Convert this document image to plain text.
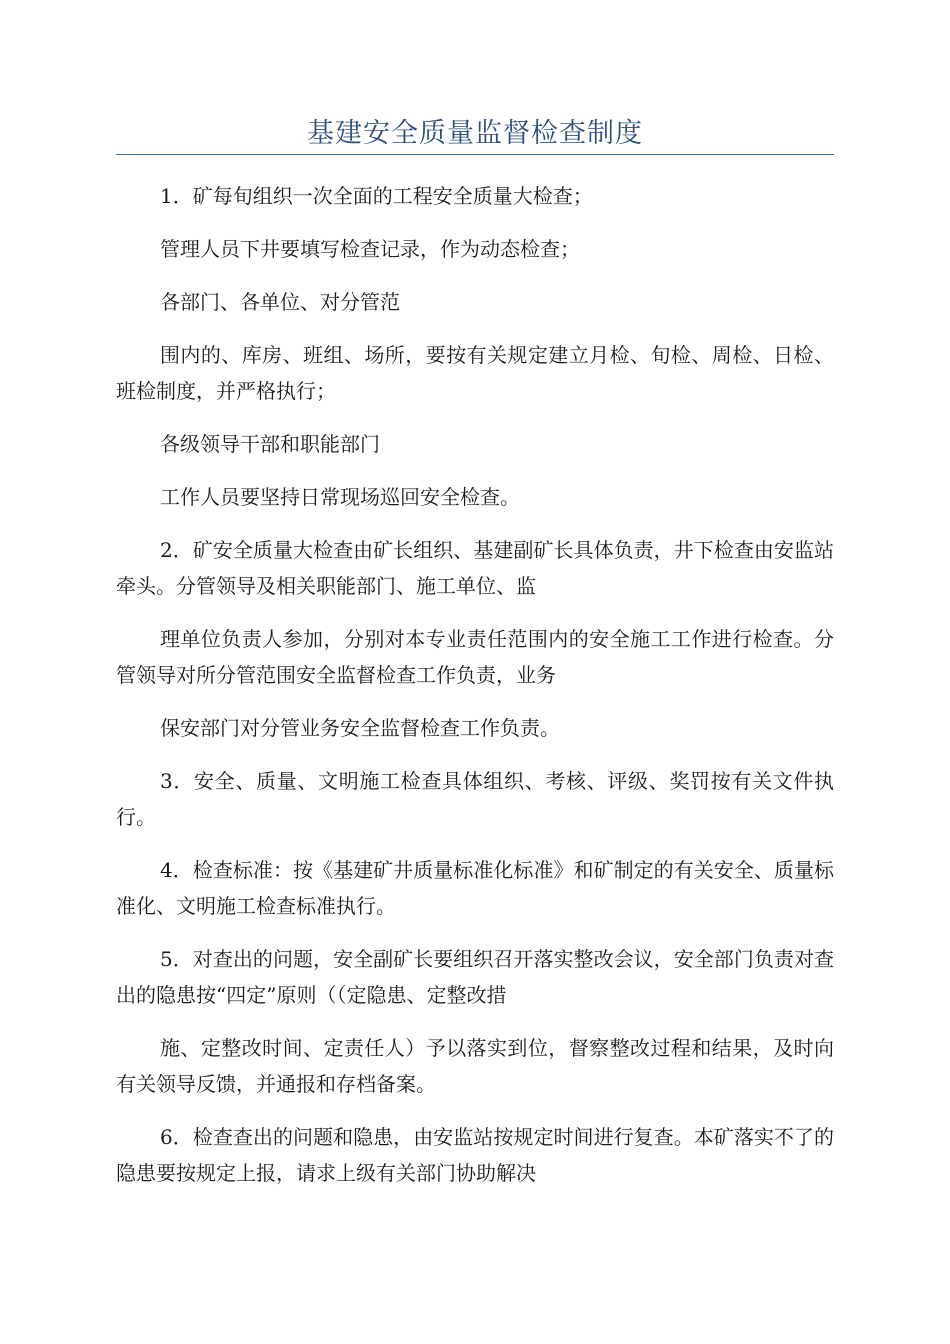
基建安全质量监督检查制度

1．矿每旬组织一次全面的工程安全质量大检查；

管理人员下井要填写检查记录，作为动态检查；

各部门、各单位、对分管范

围内的、库房、班组、场所，要按有关规定建立月检、旬检、周检、日检、班检制度，并严格执行；

各级领导干部和职能部门

工作人员要坚持日常现场巡回安全检查。

2．矿安全质量大检查由矿长组织、基建副矿长具体负责，井下检查由安监站牵头。分管领导及相关职能部门、施工单位、监

理单位负责人参加，分别对本专业责任范围内的安全施工工作进行检查。分管领导对所分管范围安全监督检查工作负责，业务

保安部门对分管业务安全监督检查工作负责。

3．安全、质量、文明施工检查具体组织、考核、评级、奖罚按有关文件执行。

4．检查标准：按《基建矿井质量标准化标准》和矿制定的有关安全、质量标准化、文明施工检查标准执行。

5．对查出的问题，安全副矿长要组织召开落实整改会议，安全部门负责对查出的隐患按“四定”原则（（定隐患、定整改措

施、定整改时间、定责任人）予以落实到位，督察整改过程和结果，及时向有关领导反馈，并通报和存档备案。

6．检查查出的问题和隐患，由安监站按规定时间进行复查。本矿落实不了的隐患要按规定上报，请求上级有关部门协助解决
